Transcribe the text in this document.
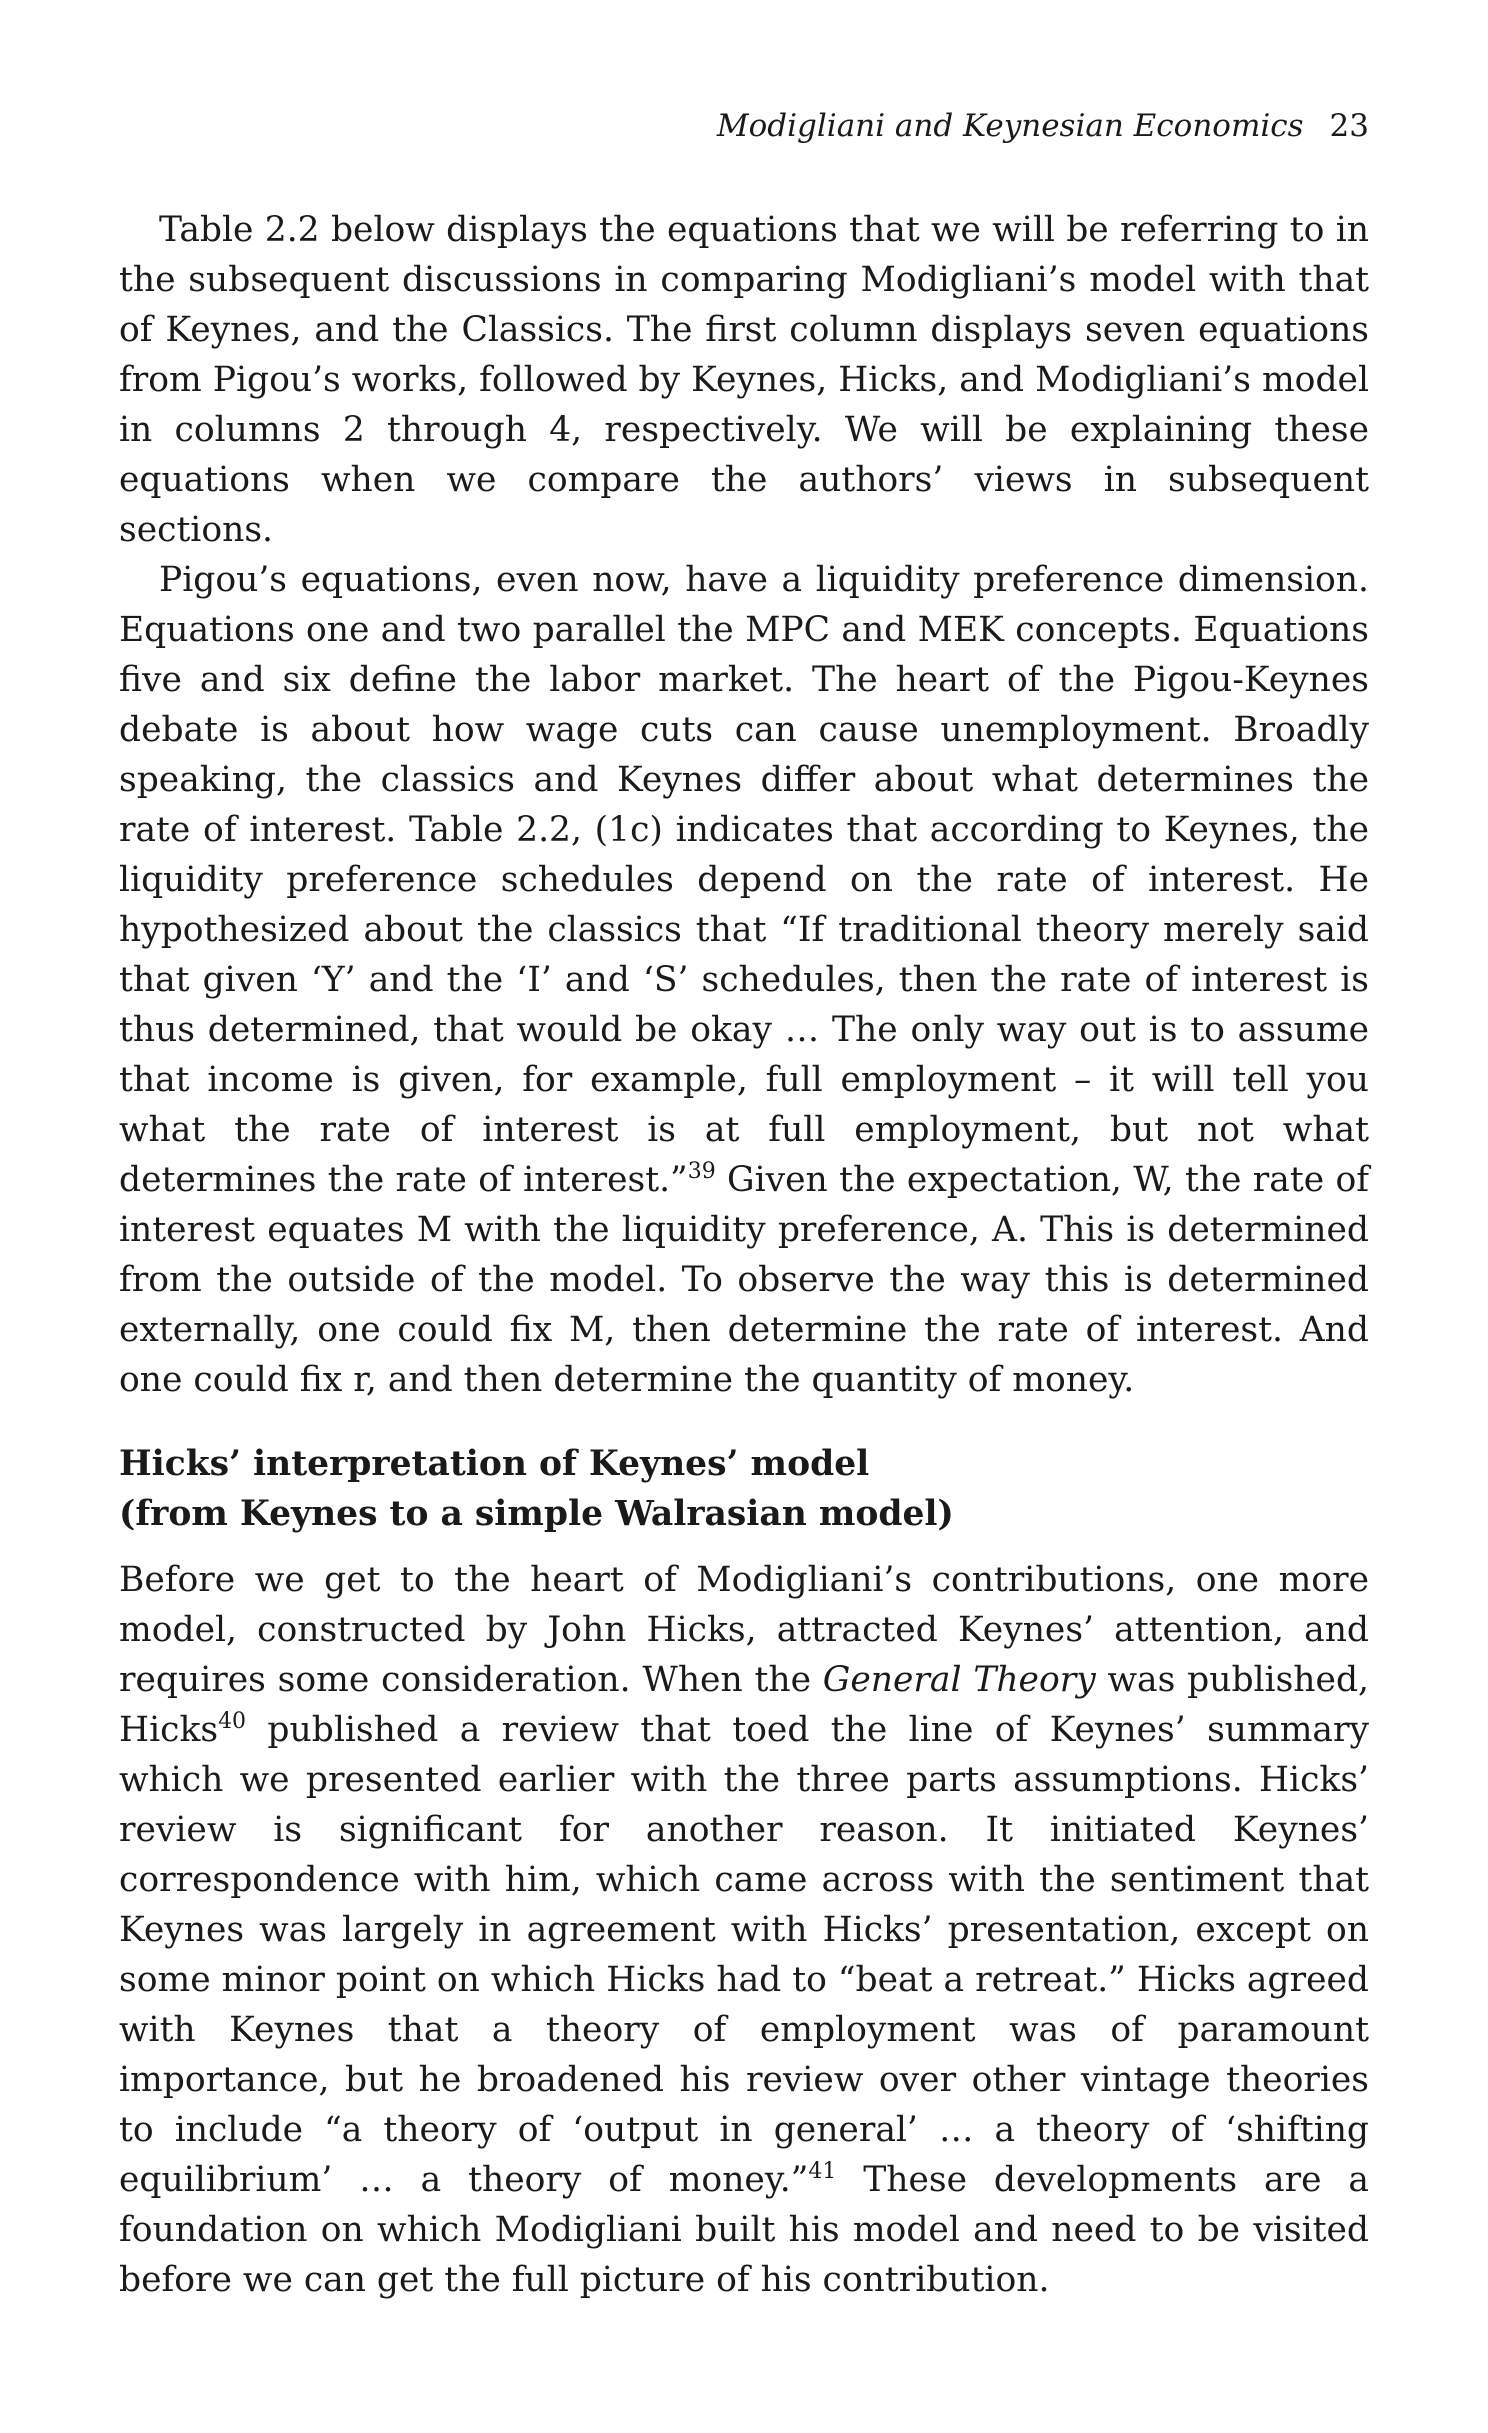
Modigliani and Keynesian Economics 23

Table 2.2 below displays the equations that we will be referring to in the subsequent discussions in comparing Modigliani’s model with that of Keynes, and the Classics. The first column displays seven equations from Pigou’s works, followed by Keynes, Hicks, and Modigliani’s model in columns 2 through 4, respectively. We will be explaining these equations when we compare the authors’ views in subsequent sections.

Pigou’s equations, even now, have a liquidity preference dimension. Equations one and two parallel the MPC and MEK concepts. Equations five and six define the labor market. The heart of the Pigou-Keynes debate is about how wage cuts can cause unemployment. Broadly speaking, the classics and Keynes differ about what determines the rate of interest. Table 2.2, (1c) indicates that according to Keynes, the liquidity preference schedules depend on the rate of interest. He hypothesized about the classics that “If traditional theory merely said that given ‘Y’ and the ‘I’ and ‘S’ schedules, then the rate of interest is thus determined, that would be okay … The only way out is to assume that income is given, for example, full employment – it will tell you what the rate of interest is at full employment, but not what determines the rate of interest.”$^{39}$ Given the expectation, W, the rate of interest equates M with the liquidity preference, A. This is determined from the outside of the model. To observe the way this is determined externally, one could fix M, then determine the rate of interest. And one could fix r, and then determine the quantity of money.

Hicks’ interpretation of Keynes’ model
(from Keynes to a simple Walrasian model)

Before we get to the heart of Modigliani’s contributions, one more model, constructed by John Hicks, attracted Keynes’ attention, and requires some consideration. When the General Theory was published, Hicks$^{40}$ published a review that toed the line of Keynes’ summary which we presented earlier with the three parts assumptions. Hicks’ review is significant for another reason. It initiated Keynes’ correspondence with him, which came across with the sentiment that Keynes was largely in agreement with Hicks’ presentation, except on some minor point on which Hicks had to “beat a retreat.” Hicks agreed with Keynes that a theory of employment was of paramount importance, but he broadened his review over other vintage theories to include “a theory of ‘output in general’ … a theory of ‘shifting equilibrium’ … a theory of money.”$^{41}$ These developments are a foundation on which Modigliani built his model and need to be visited before we can get the full picture of his contribution.
